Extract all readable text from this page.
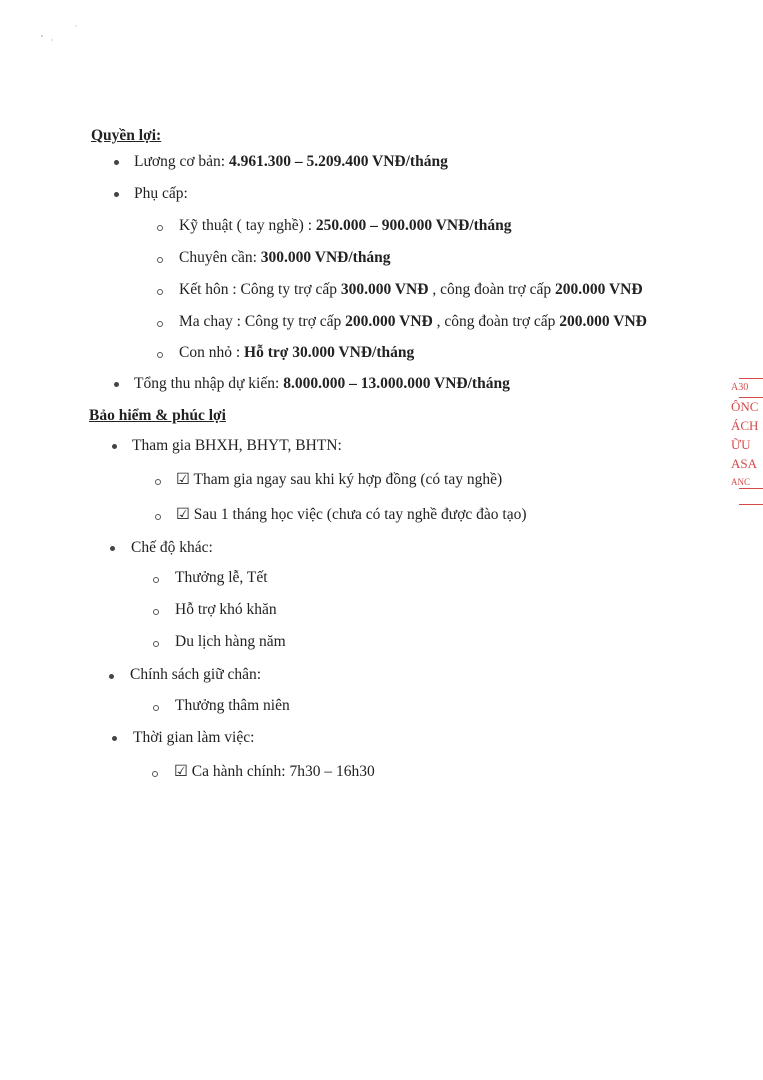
Quyền lợi:
Lương cơ bản: 4.961.300 – 5.209.400 VNĐ/tháng
Phụ cấp:
Kỹ thuật ( tay nghề) : 250.000 – 900.000 VNĐ/tháng
Chuyên cần: 300.000 VNĐ/tháng
Kết hôn : Công ty trợ cấp 300.000 VNĐ , công đoàn trợ cấp 200.000 VNĐ
Ma chay : Công ty trợ cấp 200.000 VNĐ , công đoàn trợ cấp 200.000 VNĐ
Con nhỏ : Hỗ trợ 30.000 VNĐ/tháng
Tổng thu nhập dự kiến: 8.000.000 – 13.000.000 VNĐ/tháng
Bảo hiểm & phúc lợi
Tham gia BHXH, BHYT, BHTN:
☑ Tham gia ngay sau khi ký hợp đồng (có tay nghề)
☑ Sau 1 tháng học việc (chưa có tay nghề được đào tạo)
Chế độ khác:
Thưởng lễ, Tết
Hỗ trợ khó khăn
Du lịch hàng năm
Chính sách giữ chân:
Thưởng thâm niên
Thời gian làm việc:
☑ Ca hành chính: 7h30 – 16h30
A30
ÔNC
ÁCH
ỮU
ASA
ANC
